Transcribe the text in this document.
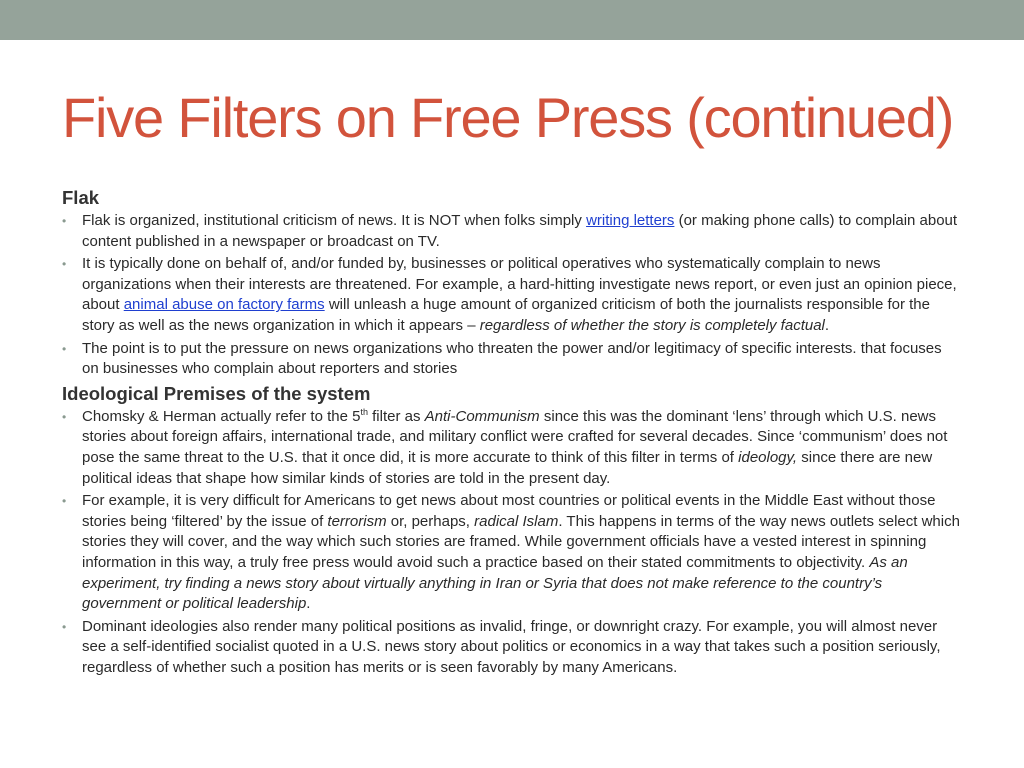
Five Filters on Free Press (continued)
Flak
• Flak is organized, institutional criticism of news. It is NOT when folks simply writing letters (or making phone calls) to complain about content published in a newspaper or broadcast on TV.
• It is typically done on behalf of, and/or funded by, businesses or political operatives who systematically complain to news organizations when their interests are threatened. For example, a hard-hitting investigate news report, or even just an opinion piece, about animal abuse on factory farms will unleash a huge amount of organized criticism of both the journalists responsible for the story as well as the news organization in which it appears – regardless of whether the story is completely factual.
• The point is to put the pressure on news organizations who threaten the power and/or legitimacy of specific interests. that focuses on businesses who complain about reporters and stories
Ideological Premises of the system
• Chomsky & Herman actually refer to the 5th filter as Anti-Communism since this was the dominant ‘lens’ through which U.S. news stories about foreign affairs, international trade, and military conflict were crafted for several decades. Since ‘communism’ does not pose the same threat to the U.S. that it once did, it is more accurate to think of this filter in terms of ideology, since there are new political ideas that shape how similar kinds of stories are told in the present day.
• For example, it is very difficult for Americans to get news about most countries or political events in the Middle East without those stories being ‘filtered’ by the issue of terrorism or, perhaps, radical Islam. This happens in terms of the way news outlets select which stories they will cover, and the way which such stories are framed. While government officials have a vested interest in spinning information in this way, a truly free press would avoid such a practice based on their stated commitments to objectivity. As an experiment, try finding a news story about virtually anything in Iran or Syria that does not make reference to the country’s government or political leadership.
• Dominant ideologies also render many political positions as invalid, fringe, or downright crazy. For example, you will almost never see a self-identified socialist quoted in a U.S. news story about politics or economics in a way that takes such a position seriously, regardless of whether such a position has merits or is seen favorably by many Americans.
